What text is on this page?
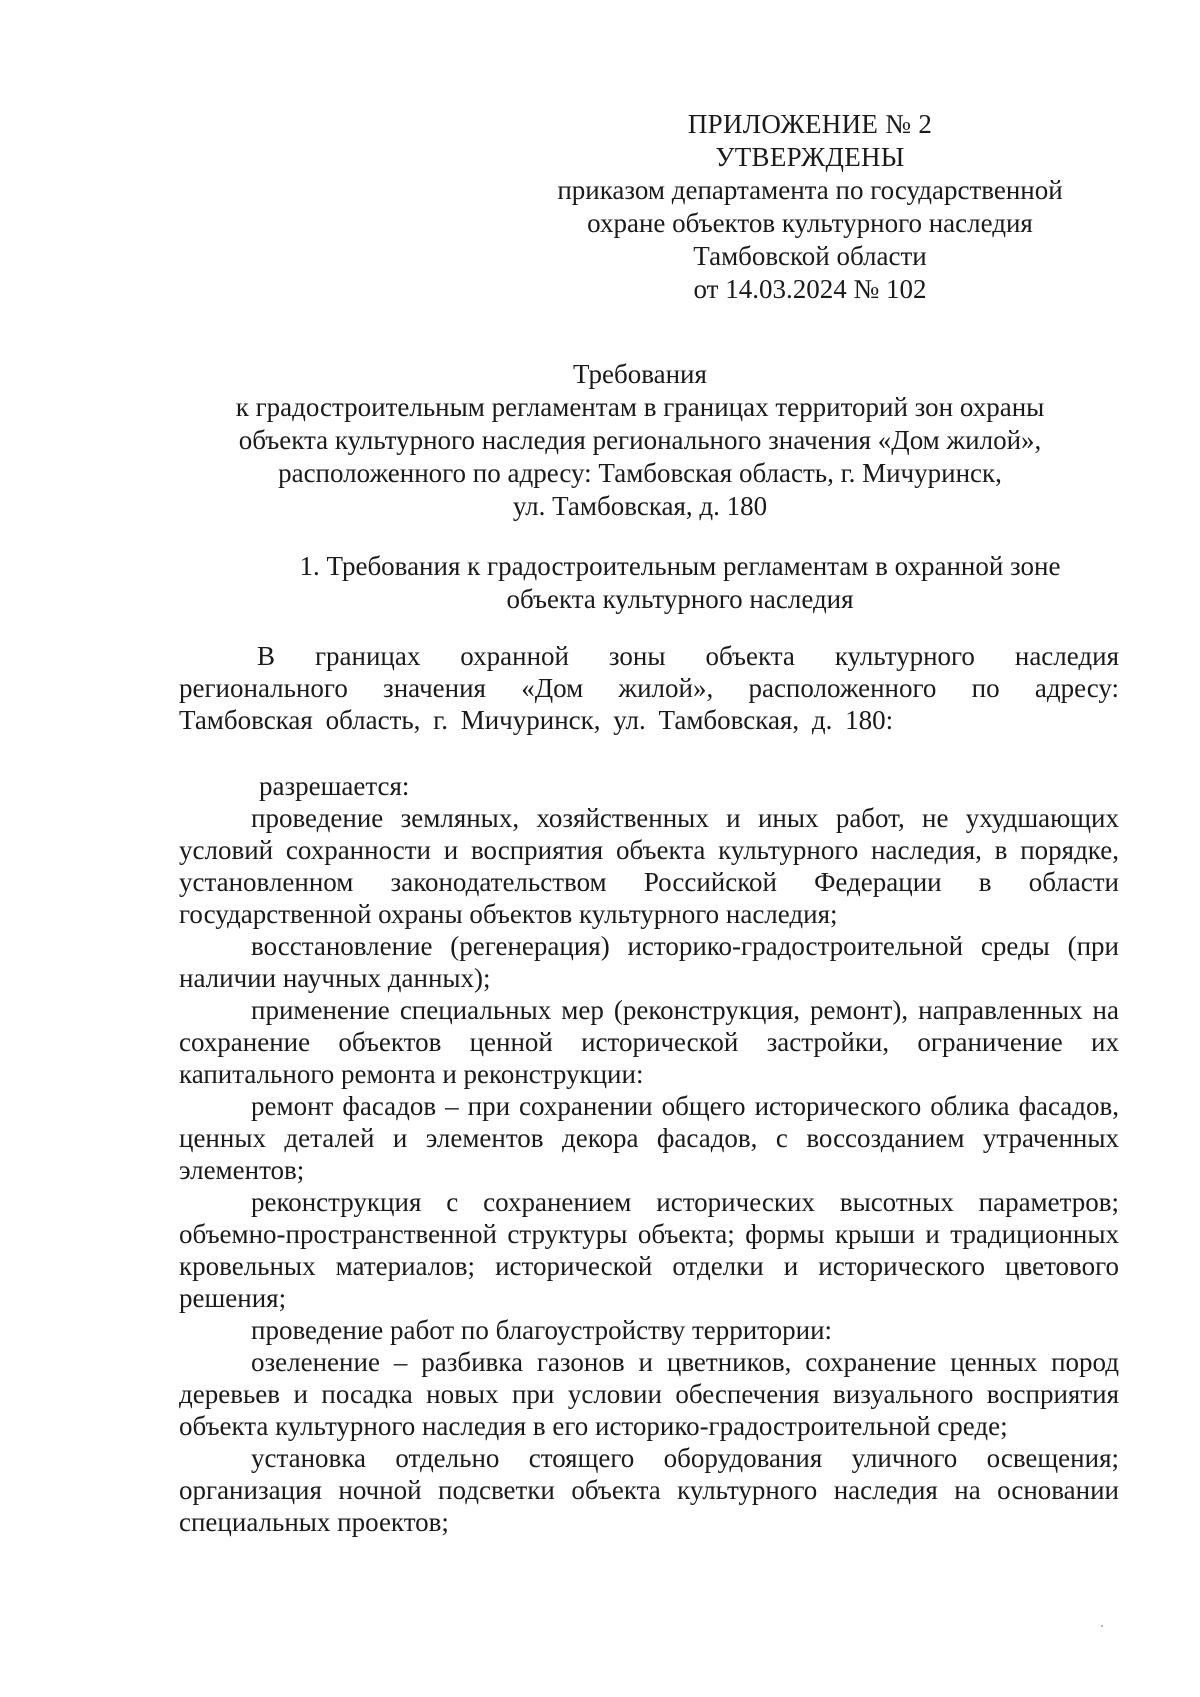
ПРИЛОЖЕНИЕ № 2
УТВЕРЖДЕНЫ
приказом департамента по государственной
охране объектов культурного наследия
Тамбовской области
от 14.03.2024 № 102
Требования
к градостроительным регламентам в границах территорий зон охраны
объекта культурного наследия регионального значения «Дом жилой»,
расположенного по адресу: Тамбовская область, г. Мичуринск,
ул. Тамбовская, д. 180
1. Требования к градостроительным регламентам в охранной зоне
объекта культурного наследия

В границах охранной зоны объекта культурного наследия регионального значения «Дом жилой», расположенного по адресу: Тамбовская область, г. Мичуринск, ул. Тамбовская, д. 180:

разрешается:

проведение земляных, хозяйственных и иных работ, не ухудшающих условий сохранности и восприятия объекта культурного наследия, в порядке, установленном законодательством Российской Федерации в области государственной охраны объектов культурного наследия;

восстановление (регенерация) историко-градостроительной среды (при наличии научных данных);

применение специальных мер (реконструкция, ремонт), направленных на сохранение объектов ценной исторической застройки, ограничение их капитального ремонта и реконструкции:

ремонт фасадов – при сохранении общего исторического облика фасадов, ценных деталей и элементов декора фасадов, с воссозданием утраченных элементов;

реконструкция с сохранением исторических высотных параметров; объемно-пространственной структуры объекта; формы крыши и традиционных кровельных материалов; исторической отделки и исторического цветового решения;

проведение работ по благоустройству территории:

озеленение – разбивка газонов и цветников, сохранение ценных пород деревьев и посадка новых при условии обеспечения визуального восприятия объекта культурного наследия в его историко-градостроительной среде;

установка отдельно стоящего оборудования уличного освещения; организация ночной подсветки объекта культурного наследия на основании специальных проектов;
